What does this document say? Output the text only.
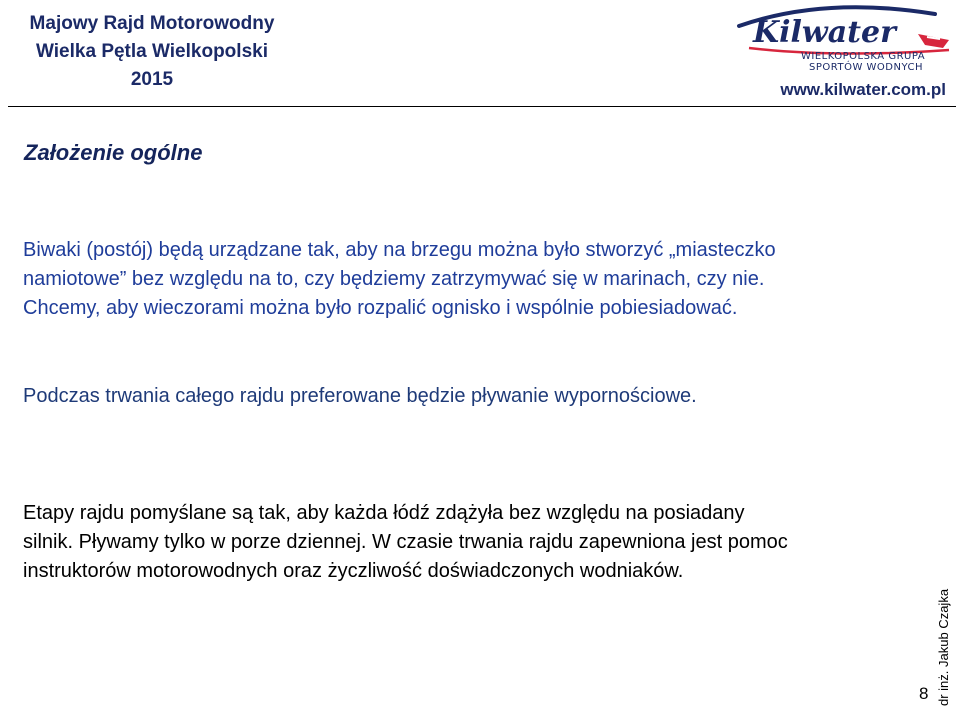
Majowy Rajd Motorowodny
Wielka Pętla Wielkopolski
2015
Kilwater
WIELKOPOLSKA GRUPA
SPORTÓW WODNYCH
www.kilwater.com.pl
Założenie ogólne
Biwaki (postój) będą urządzane tak, aby na brzegu można było stworzyć „miasteczko
namiotowe” bez względu na to, czy będziemy zatrzymywać się w marinach, czy nie.
Chcemy, aby wieczorami można było rozpalić ognisko i wspólnie pobiesiadować.
Podczas trwania całego rajdu preferowane będzie pływanie wypornościowe.
Etapy rajdu pomyślane są tak, aby każda łódź zdążyła bez względu na posiadany
silnik. Pływamy tylko w porze dziennej. W czasie trwania rajdu zapewniona jest pomoc
instruktorów motorowodnych oraz życzliwość doświadczonych wodniaków.
dr inż. Jakub Czajka
8
